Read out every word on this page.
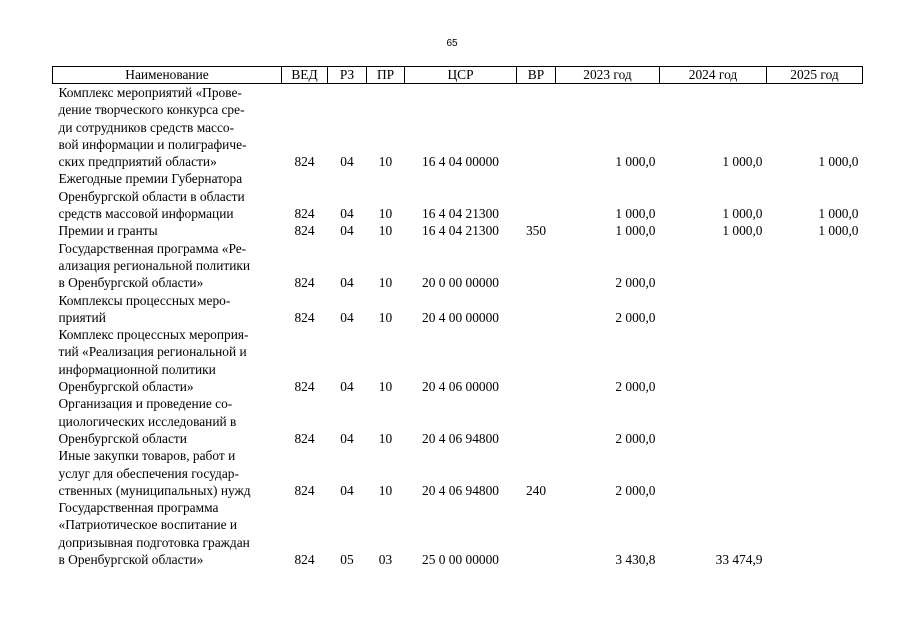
65
Наименование	ВЕД	РЗ	ПР	ЦСР	ВР	2023 год	2024 год	2025 год
Комплекс мероприятий «Прове-
дение творческого конкурса сре-
ди сотрудников средств массо-
вой информации и полиграфиче-
ских предприятий области»	824	04	10	16 4 04 00000		1 000,0	1 000,0	1 000,0
Ежегодные премии Губернатора
Оренбургской области в области
средств массовой информации	824	04	10	16 4 04 21300		1 000,0	1 000,0	1 000,0
Премии и гранты	824	04	10	16 4 04 21300	350	1 000,0	1 000,0	1 000,0
Государственная программа «Ре-
ализация региональной политики
в Оренбургской области»	824	04	10	20 0 00 00000		2 000,0		
Комплексы процессных меро-
приятий	824	04	10	20 4 00 00000		2 000,0		
Комплекс процессных мероприя-
тий «Реализация региональной и
информационной политики
Оренбургской области»	824	04	10	20 4 06 00000		2 000,0		
Организация и проведение со-
циологических исследований в
Оренбургской области	824	04	10	20 4 06 94800		2 000,0		
Иные закупки товаров, работ и
услуг для обеспечения государ-
ственных (муниципальных) нужд	824	04	10	20 4 06 94800	240	2 000,0		
Государственная программа
«Патриотическое воспитание и
допризывная подготовка граждан
в Оренбургской области»	824	05	03	25 0 00 00000		3 430,8	33 474,9	
